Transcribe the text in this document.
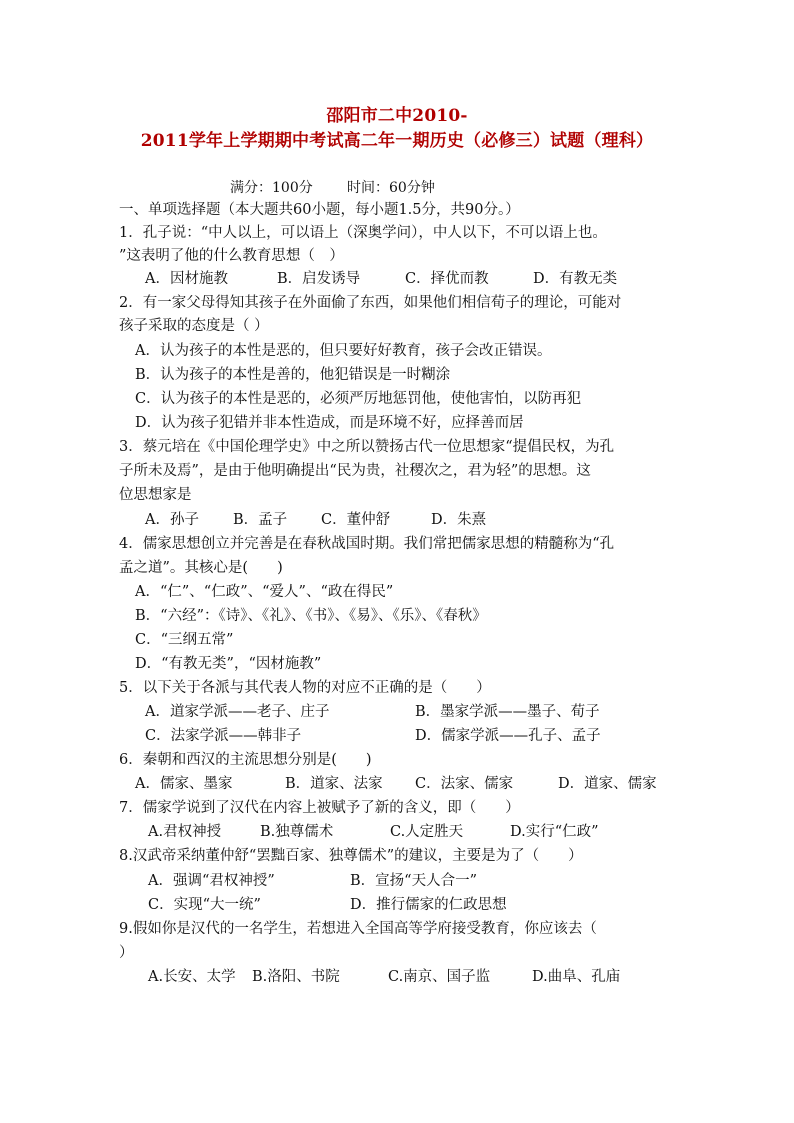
邵阳市二中2010-
2011学年上学期期中考试高二年一期历史（必修三）试题（理科）
满分：100分 时间：60分钟
一、单项选择题（本大题共60小题，每小题1.5分，共90分。）
1．孔子说：“中人以上，可以语上（深奥学问），中人以下，不可以语上也。
”这表明了他的什么教育思想（　）
A．因材施教	B．启发诱导	C．择优而教	D．有教无类
2．有一家父母得知其孩子在外面偷了东西，如果他们相信荀子的理论，可能对
孩子采取的态度是（ ）
A．认为孩子的本性是恶的，但只要好好教育，孩子会改正错误。
B．认为孩子的本性是善的，他犯错误是一时糊涂
C．认为孩子的本性是恶的，必须严厉地惩罚他，使他害怕，以防再犯
D．认为孩子犯错并非本性造成，而是环境不好，应择善而居
3．蔡元培在《中国伦理学史》中之所以赞扬古代一位思想家“提倡民权，为孔
子所未及焉”，是由于他明确提出“民为贵，社稷次之，君为轻”的思想。这
位思想家是
A．孙子 B．孟子 C．董仲舒	D．朱熹
4．儒家思想创立并完善是在春秋战国时期。我们常把儒家思想的精髓称为“孔
孟之道”。其核心是(　　)
A．“仁”、“仁政”、“爱人”、“政在得民”
B．“六经”：《诗》、《礼》、《书》、《易》、《乐》、《春秋》
C．“三纲五常”
D．“有教无类”，“因材施教”
5．以下关于各派与其代表人物的对应不正确的是（　　）
A．道家学派——老子、庄子	B．墨家学派——墨子、荀子
C．法家学派——韩非子	D．儒家学派——孔子、孟子
6．秦朝和西汉的主流思想分别是(　　)
A．儒家、墨家	B．道家、法家 C．法家、儒家	D．道家、儒家
7．儒家学说到了汉代在内容上被赋予了新的含义，即（　　）
A.君权神授	B.独尊儒术	C.人定胜天	D.实行“仁政”
8.汉武帝采纳董仲舒“罢黜百家、独尊儒术”的建议，主要是为了（　　）
A．强调“君权神授”	B．宣扬“天人合一”
C．实现“大一统”	D．推行儒家的仁政思想
9.假如你是汉代的一名学生，若想进入全国高等学府接受教育，你应该去（
）
A.长安、太学 B.洛阳、书院	C.南京、国子监	D.曲阜、孔庙
